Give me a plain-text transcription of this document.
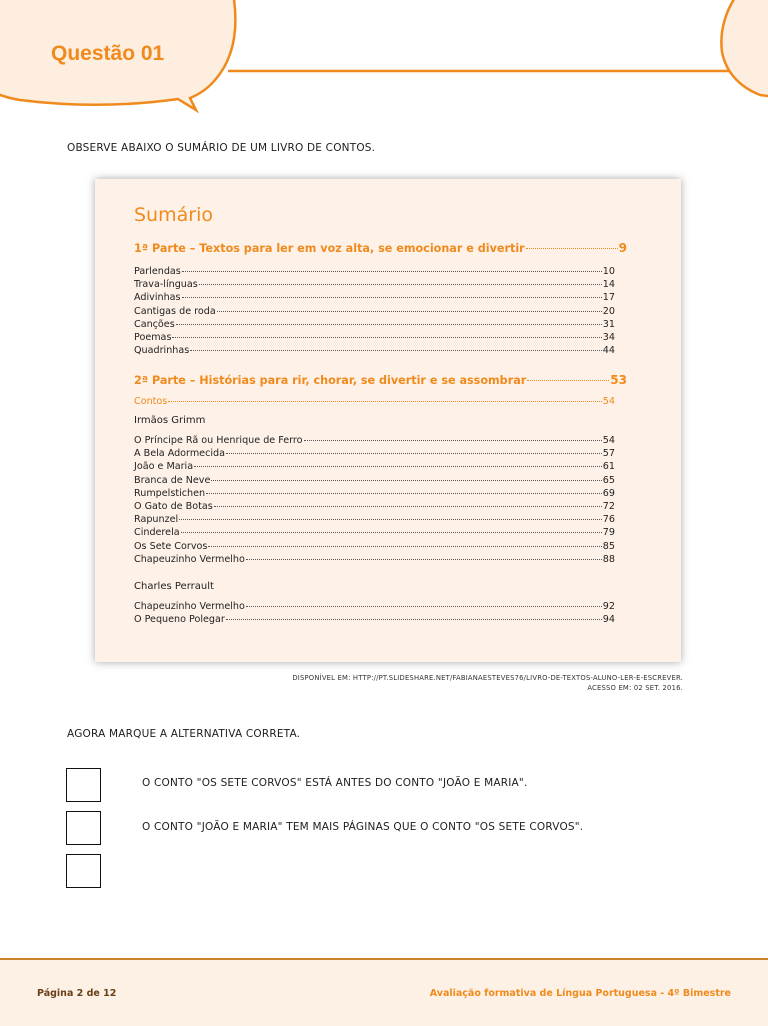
Questão 01

OBSERVE ABAIXO O SUMÁRIO DE UM LIVRO DE CONTOS.

Sumário
1ª Parte – Textos para ler em voz alta, se emocionar e divertir	9
Parlendas	10
Trava-línguas	14
Adivinhas	17
Cantigas de roda	20
Canções	31
Poemas	34
Quadrinhas	44
2ª Parte – Histórias para rir, chorar, se divertir e se assombrar	53
Contos	54

Irmãos Grimm

O Príncipe Rã ou Henrique de Ferro	54
A Bela Adormecida	57
João e Maria	61
Branca de Neve	65
Rumpelstichen	69
O Gato de Botas	72
Rapunzel	76
Cinderela	79
Os Sete Corvos	85
Chapeuzinho Vermelho	88

Charles Perrault

Chapeuzinho Vermelho	92
O Pequeno Polegar	94
DISPONÍVEL EM: HTTP://PT.SLIDESHARE.NET/FABIANAESTEVES76/LIVRO-DE-TEXTOS-ALUNO-LER-E-ESCREVER.
ACESSO EM: 02 SET. 2016.

AGORA MARQUE A ALTERNATIVA CORRETA.

O CONTO "OS SETE CORVOS" ESTÁ ANTES DO CONTO "JOÃO E MARIA".

O CONTO "JOÃO E MARIA" TEM MAIS PÁGINAS QUE O CONTO "OS SETE CORVOS".

Página 2 de 12	Avaliação formativa de Língua Portuguesa - 4º Bimestre
